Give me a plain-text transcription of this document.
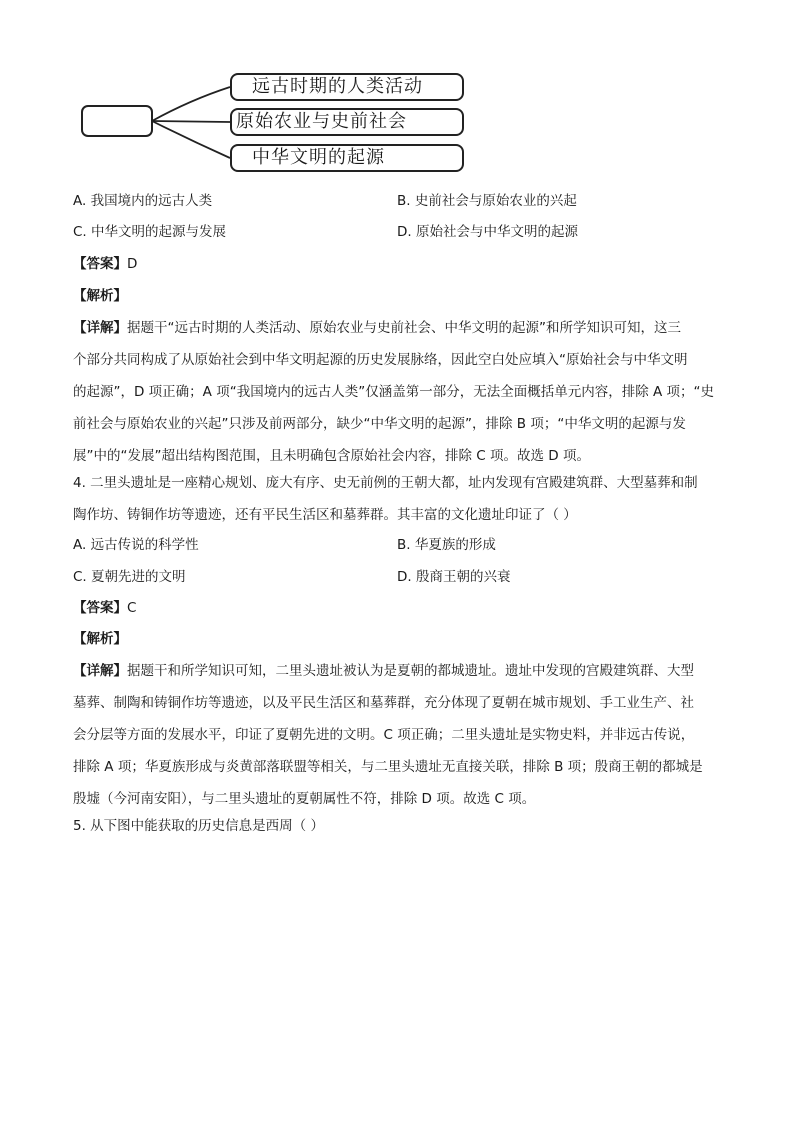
远古时期的人类活动
原始农业与史前社会
中华文明的起源
A. 我国境内的远古人类	B. 史前社会与原始农业的兴起
C. 中华文明的起源与发展	D. 原始社会与中华文明的起源
【答案】D
【解析】
【详解】据题干“远古时期的人类活动、原始农业与史前社会、中华文明的起源”和所学知识可知，这三
个部分共同构成了从原始社会到中华文明起源的历史发展脉络，因此空白处应填入“原始社会与中华文明
的起源”，D 项正确；A 项“我国境内的远古人类”仅涵盖第一部分，无法全面概括单元内容，排除 A 项；“史
前社会与原始农业的兴起”只涉及前两部分，缺少“中华文明的起源”，排除 B 项；“中华文明的起源与发
展”中的“发展”超出结构图范围，且未明确包含原始社会内容，排除 C 项。故选 D 项。
4. 二里头遗址是一座精心规划、庞大有序、史无前例的王朝大都，址内发现有宫殿建筑群、大型墓葬和制
陶作坊、铸铜作坊等遗迹，还有平民生活区和墓葬群。其丰富的文化遗址印证了（ ）
A. 远古传说的科学性	B. 华夏族的形成
C. 夏朝先进的文明	D. 殷商王朝的兴衰
【答案】C
【解析】
【详解】据题干和所学知识可知，二里头遗址被认为是夏朝的都城遗址。遗址中发现的宫殿建筑群、大型
墓葬、制陶和铸铜作坊等遗迹，以及平民生活区和墓葬群，充分体现了夏朝在城市规划、手工业生产、社
会分层等方面的发展水平，印证了夏朝先进的文明。C 项正确；二里头遗址是实物史料，并非远古传说，
排除 A 项；华夏族形成与炎黄部落联盟等相关，与二里头遗址无直接关联，排除 B 项；殷商王朝的都城是
殷墟（今河南安阳），与二里头遗址的夏朝属性不符，排除 D 项。故选 C 项。
5. 从下图中能获取的历史信息是西周（ ）
